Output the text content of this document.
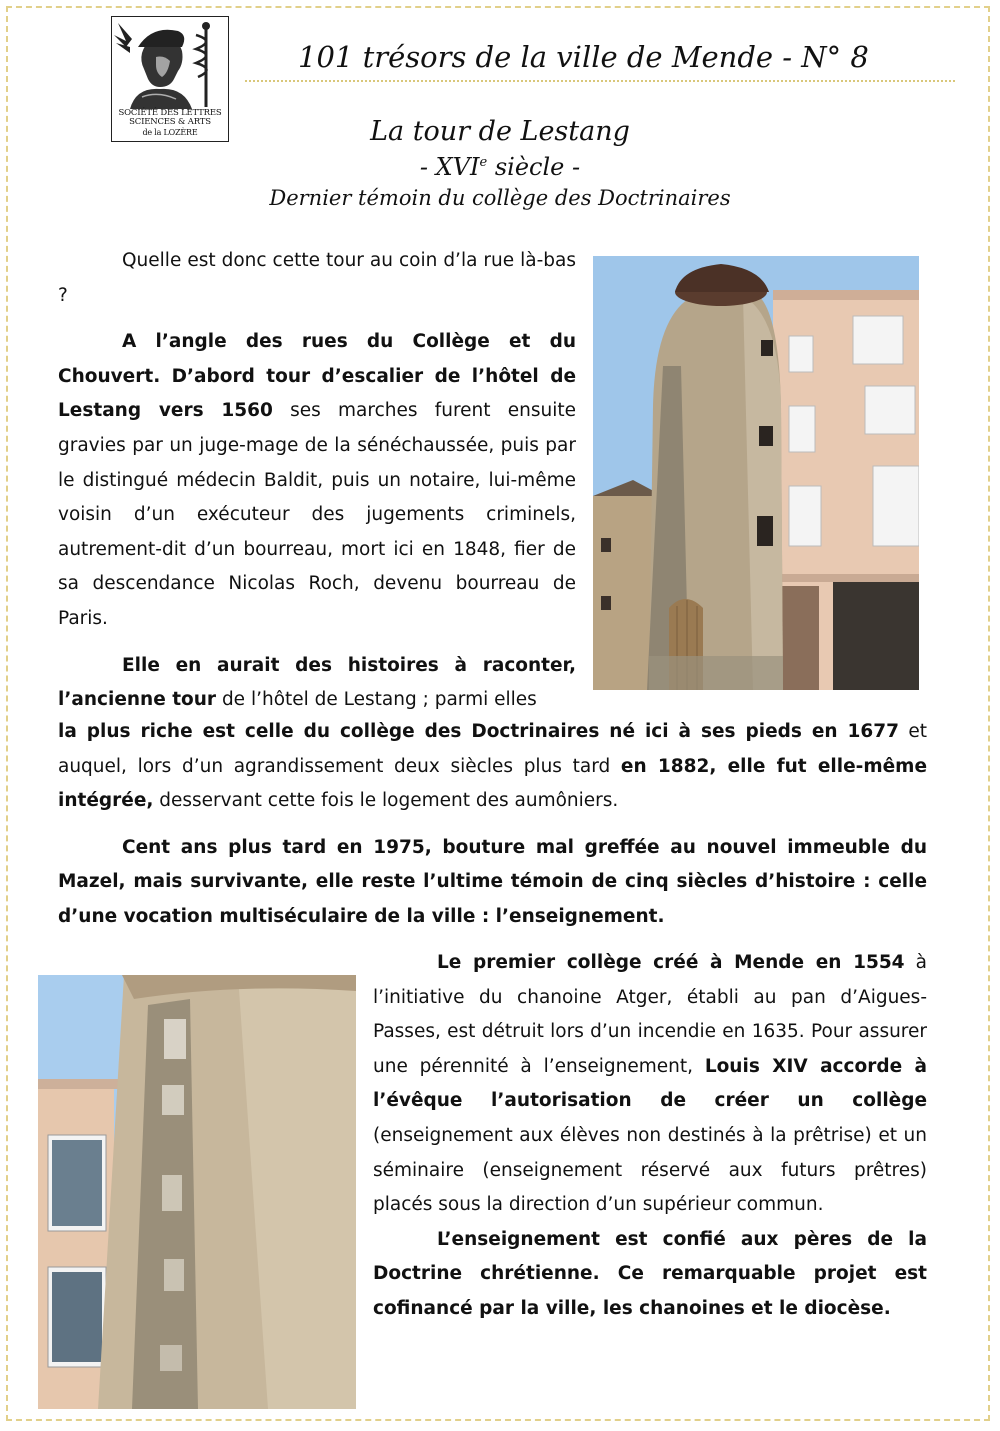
SOCIÉTÉ DES LETTRES
SCIENCES & ARTS
de la LOZÈRE
101 trésors de la ville de Mende - N° 8
La tour de Lestang
- XVIe siècle -
Dernier témoin du collège des Doctrinaires

Quelle est donc cette tour au coin d’la rue là-bas ?

A l’angle des rues du Collège et du Chouvert. D’abord tour d’escalier de l’hôtel de Lestang vers 1560 ses marches furent ensuite gravies par un juge-mage de la sénéchaussée, puis par le distingué médecin Baldit, puis un notaire, lui-même voisin d’un exécuteur des jugements criminels, autrement-dit d’un bourreau, mort ici en 1848, fier de sa descendance Nicolas Roch, devenu bourreau de Paris.

Elle en aurait des histoires à raconter, l’ancienne tour de l’hôtel de Lestang ; parmi elles

la plus riche est celle du collège des Doctrinaires né ici à ses pieds en 1677 et auquel, lors d’un agrandissement deux siècles plus tard en 1882, elle fut elle-même intégrée, desservant cette fois le logement des aumôniers.

Cent ans plus tard en 1975, bouture mal greffée au nouvel immeuble du Mazel, mais survivante, elle reste l’ultime témoin de cinq siècles d’histoire : celle d’une vocation multiséculaire de la ville : l’enseignement.

Le premier collège créé à Mende en 1554 à l’initiative du chanoine Atger, établi au pan d’Aigues-Passes, est détruit lors d’un incendie en 1635. Pour assurer une pérennité à l’enseignement, Louis XIV accorde à l’évêque l’autorisation de créer un collège (enseignement aux élèves non destinés à la prêtrise) et un séminaire (enseignement réservé aux futurs prêtres) placés sous la direction d’un supérieur commun.

L’enseignement est confié aux pères de la Doctrine chrétienne. Ce remarquable projet est cofinancé par la ville, les chanoines et le diocèse.
